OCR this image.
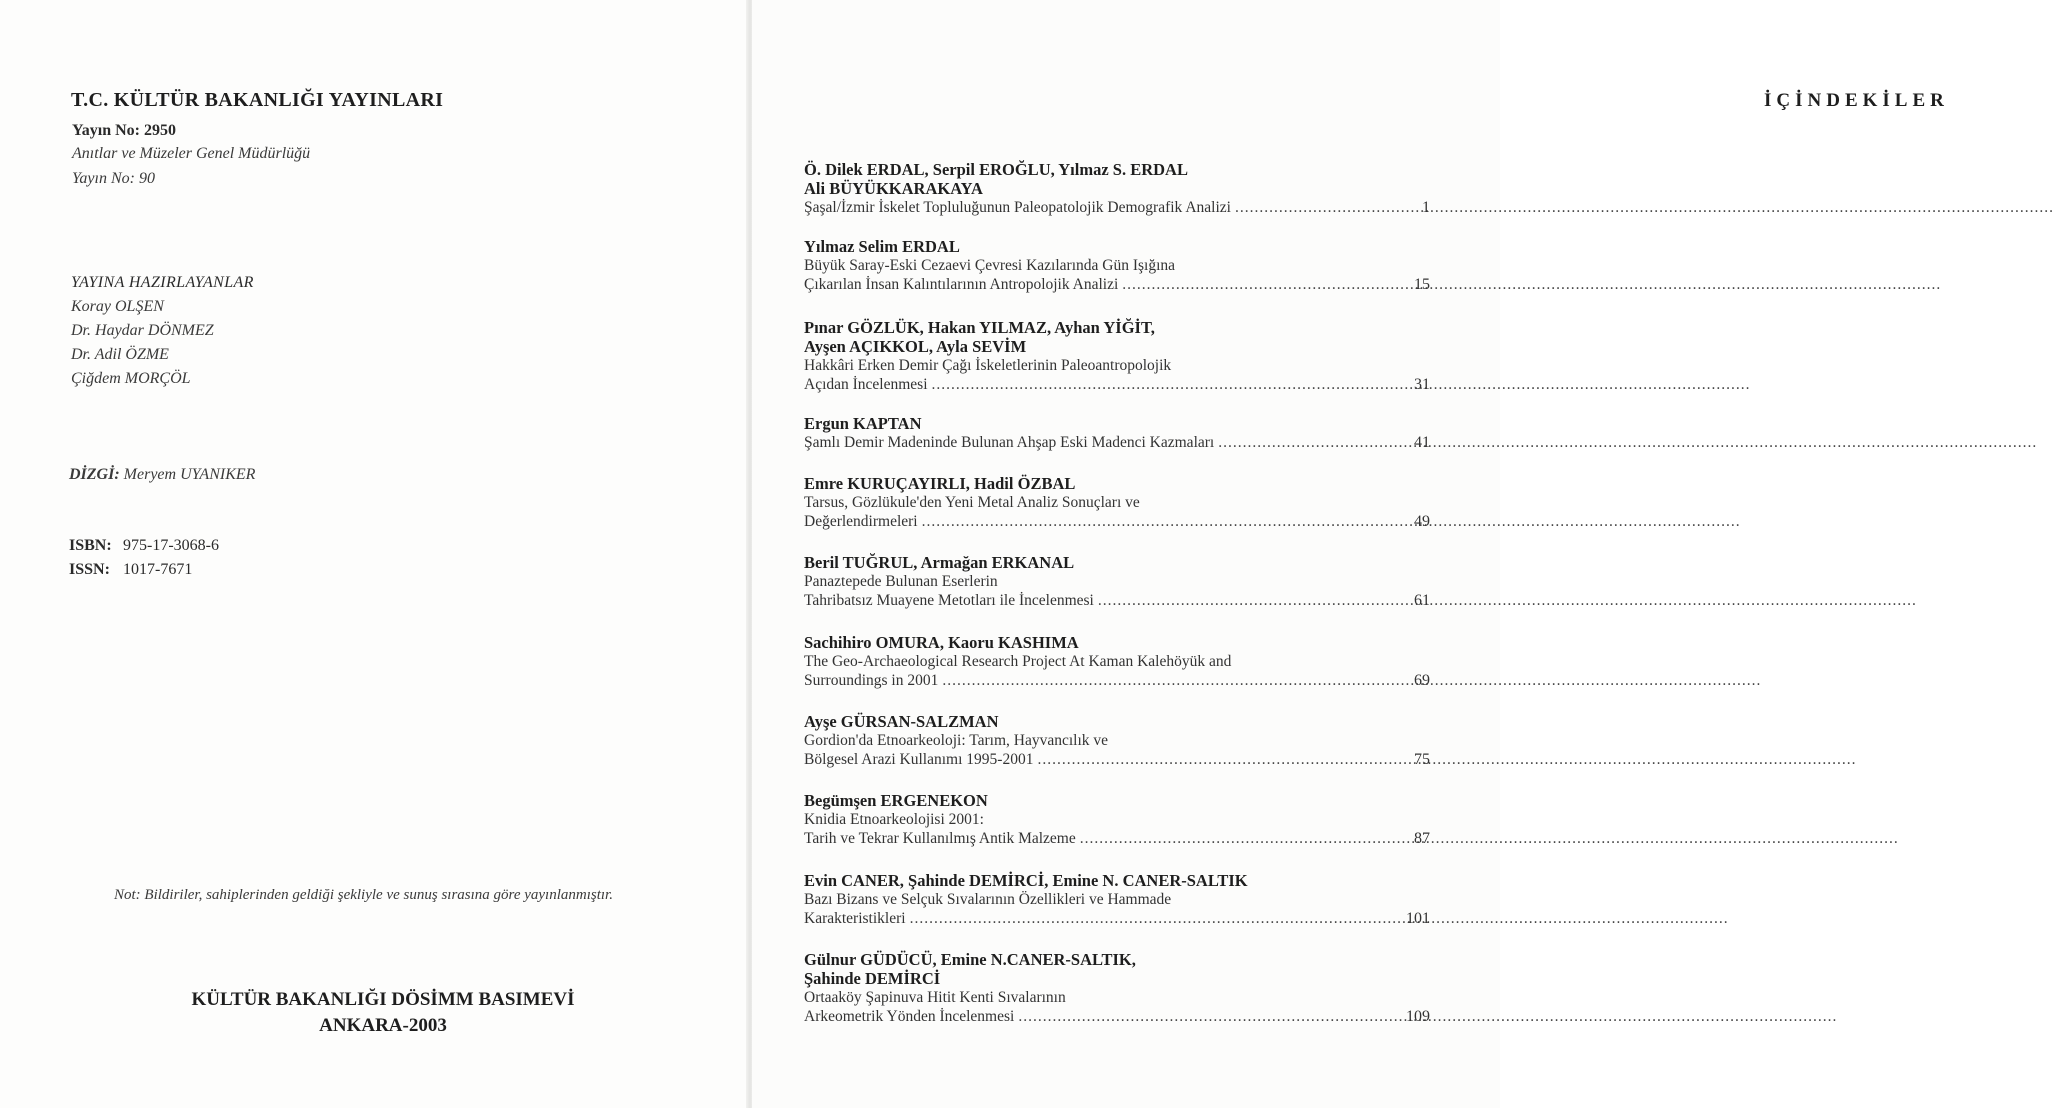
T.C. KÜLTÜR BAKANLIĞI YAYINLARI
Yayın No: 2950
Anıtlar ve Müzeler Genel Müdürlüğü
Yayın No: 90
YAYINA HAZIRLAYANLAR
Koray OLŞEN
Dr. Haydar DÖNMEZ
Dr. Adil ÖZME
Çiğdem MORÇÖL
DİZGİ: Meryem UYANIKER
ISBN: 975-17-3068-6
ISSN: 1017-7671
Not: Bildiriler, sahiplerinden geldiği şekliyle ve sunuş sırasına göre yayınlanmıştır.
KÜLTÜR BAKANLIĞI DÖSİMM BASIMEVİ
ANKARA-2003
İÇİNDEKİLER
Ö. Dilek ERDAL, Serpil EROĞLU, Yılmaz S. ERDAL
Ali BÜYÜKKARAKAYA
Şaşal/İzmir İskelet Topluluğunun Paleopatolojik Demografik Analizi .....	1
Yılmaz Selim ERDAL
Büyük Saray-Eski Cezaevi Çevresi Kazılarında Gün Işığına
Çıkarılan İnsan Kalıntılarının Antropolojik Analizi .....	15
Pınar GÖZLÜK, Hakan YILMAZ, Ayhan YİĞİT,
Ayşen AÇIKKOL, Ayla SEVİM
Hakkâri Erken Demir Çağı İskeletlerinin Paleoantropolojik
Açıdan İncelenmesi .....	31
Ergun KAPTAN
Şamlı Demir Madeninde Bulunan Ahşap Eski Madenci Kazmaları .....	41
Emre KURUÇAYIRLI, Hadil ÖZBAL
Tarsus, Gözlükule'den Yeni Metal Analiz Sonuçları ve
Değerlendirmeleri .....	49
Beril TUĞRUL, Armağan ERKANAL
Panaztepede Bulunan Eserlerin
Tahribatsız Muayene Metotları ile İncelenmesi .....	61
Sachihiro OMURA, Kaoru KASHIMA
The Geo-Archaeological Research Project At Kaman Kalehöyük and
Surroundings in 2001 .....	69
Ayşe GÜRSAN-SALZMAN
Gordion'da Etnoarkeoloji: Tarım, Hayvancılık ve
Bölgesel Arazi Kullanımı 1995-2001 .....	75
Begümşen ERGENEKON
Knidia Etnoarkeolojisi 2001:
Tarih ve Tekrar Kullanılmış Antik Malzeme .....	87
Evin CANER, Şahinde DEMİRCİ, Emine N. CANER-SALTIK
Bazı Bizans ve Selçuk Sıvalarının Özellikleri ve Hammade
Karakteristikleri .....	101
Gülnur GÜDÜCÜ, Emine N.CANER-SALTIK,
Şahinde DEMİRCİ
Ortaaköy Şapinuva Hitit Kenti Sıvalarının
Arkeometrik Yönden İncelenmesi .....	109
